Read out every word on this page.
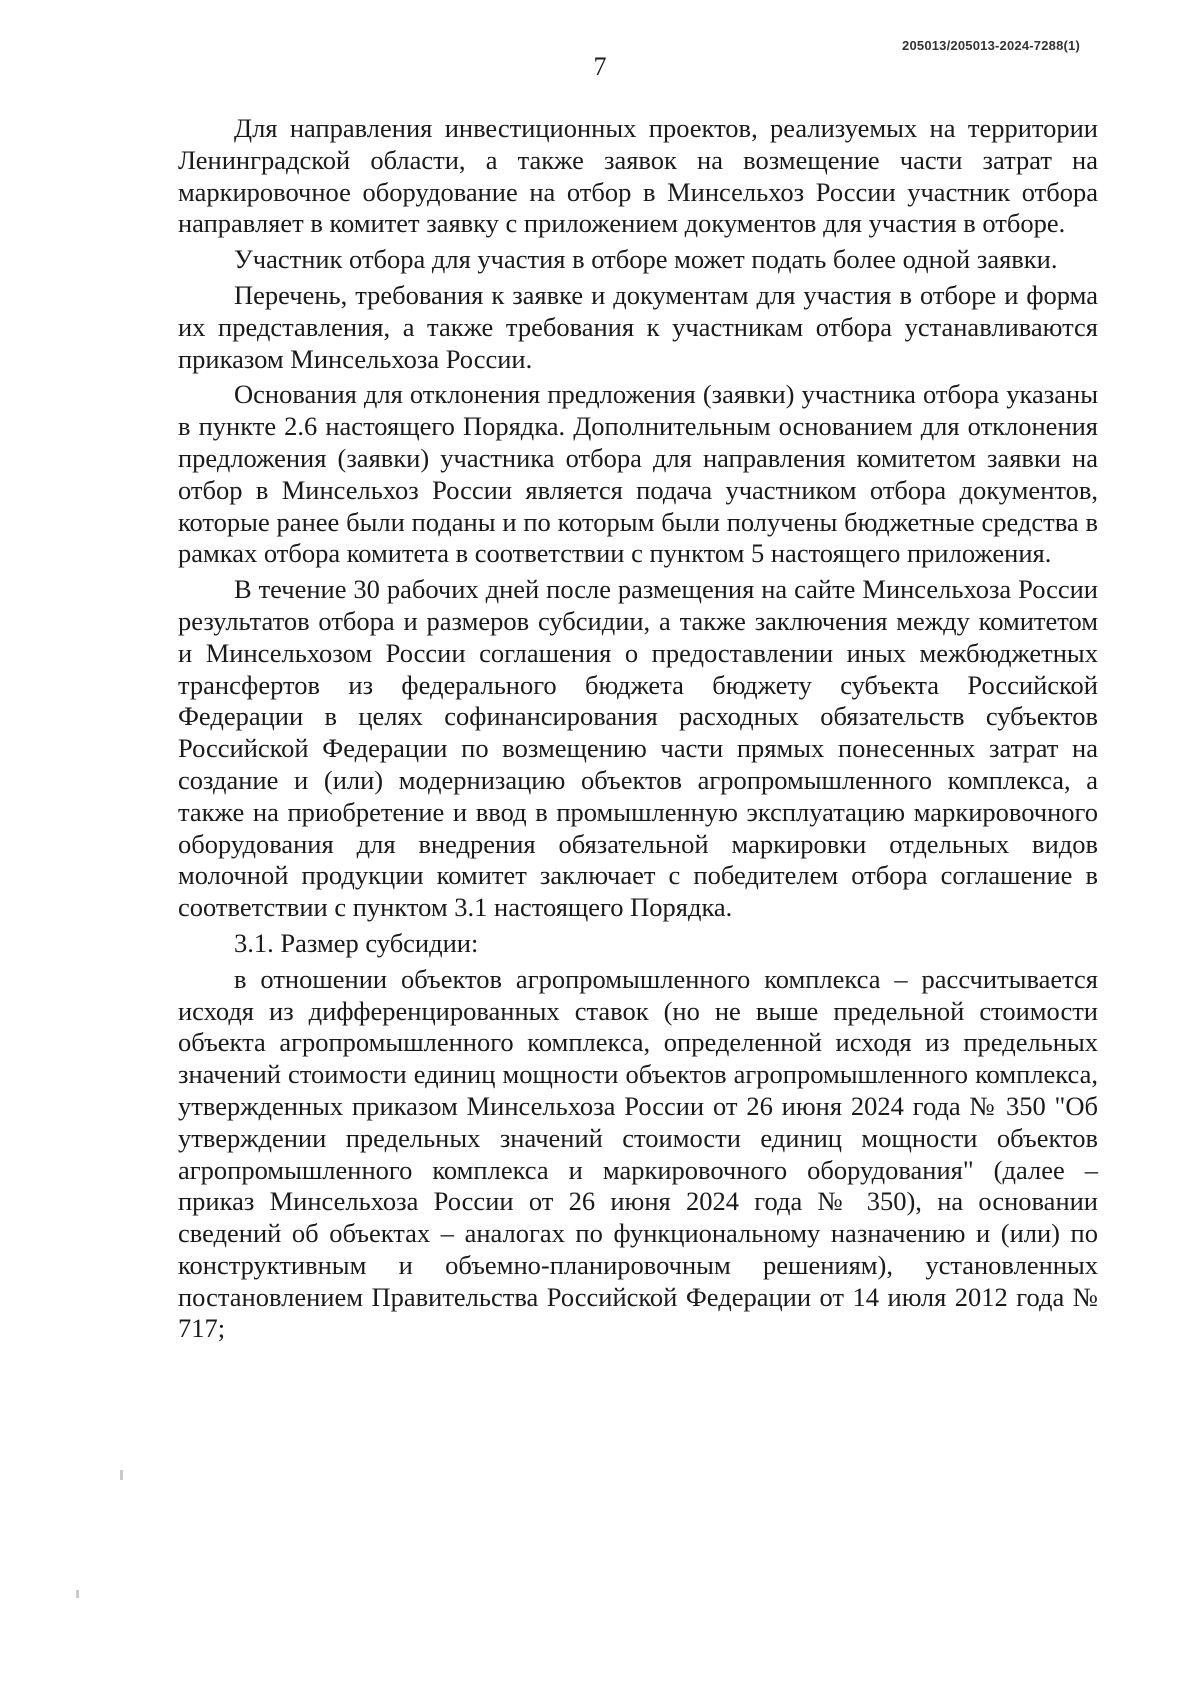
205013/205013-2024-7288(1)
7

Для направления инвестиционных проектов, реализуемых на территории Ленинградской области, а также заявок на возмещение части затрат на маркировочное оборудование на отбор в Минсельхоз России участник отбора направляет в комитет заявку с приложением документов для участия в отборе.

Участник отбора для участия в отборе может подать более одной заявки.

Перечень, требования к заявке и документам для участия в отборе и форма их представления, а также требования к участникам отбора устанавливаются приказом Минсельхоза России.

Основания для отклонения предложения (заявки) участника отбора указаны в пункте 2.6 настоящего Порядка. Дополнительным основанием для отклонения предложения (заявки) участника отбора для направления комитетом заявки на отбор в Минсельхоз России является подача участником отбора документов, которые ранее были поданы и по которым были получены бюджетные средства в рамках отбора комитета в соответствии с пунктом 5 настоящего приложения.

В течение 30 рабочих дней после размещения на сайте Минсельхоза России результатов отбора и размеров субсидии, а также заключения между комитетом и Минсельхозом России соглашения о предоставлении иных межбюджетных трансфертов из федерального бюджета бюджету субъекта Российской Федерации в целях софинансирования расходных обязательств субъектов Российской Федерации по возмещению части прямых понесенных затрат на создание и (или) модернизацию объектов агропромышленного комплекса, а также на приобретение и ввод в промышленную эксплуатацию маркировочного оборудования для внедрения обязательной маркировки отдельных видов молочной продукции комитет заключает с победителем отбора соглашение в соответствии с пунктом 3.1 настоящего Порядка.

3.1. Размер субсидии:

в отношении объектов агропромышленного комплекса – рассчитывается исходя из дифференцированных ставок (но не выше предельной стоимости объекта агропромышленного комплекса, определенной исходя из предельных значений стоимости единиц мощности объектов агропромышленного комплекса, утвержденных приказом Минсельхоза России от 26 июня 2024 года № 350 "Об утверждении предельных значений стоимости единиц мощности объектов агропромышленного комплекса и маркировочного оборудования" (далее – приказ Минсельхоза России от 26 июня 2024 года № 350), на основании сведений об объектах – аналогах по функциональному назначению и (или) по конструктивным и объемно-планировочным решениям), установленных постановлением Правительства Российской Федерации от 14 июля 2012 года № 717;
